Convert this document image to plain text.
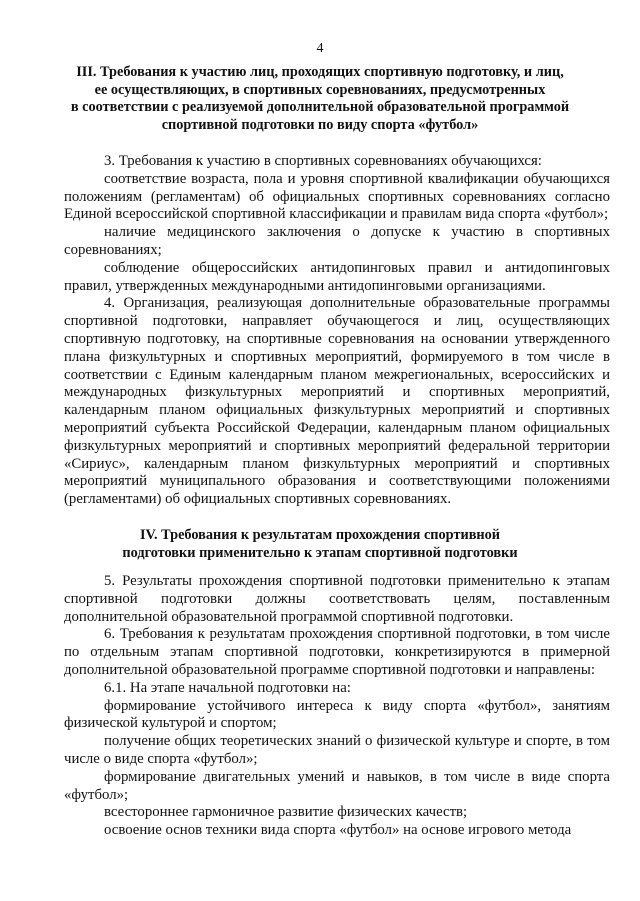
4
III. Требования к участию лиц, проходящих спортивную подготовку, и лиц,
ее осуществляющих, в спортивных соревнованиях, предусмотренных
в соответствии с реализуемой дополнительной образовательной программой
спортивной подготовки по виду спорта «футбол»

3. Требования к участию в спортивных соревнованиях обучающихся:

соответствие возраста, пола и уровня спортивной квалификации обучающихся положениям (регламентам) об официальных спортивных соревнованиях согласно Единой всероссийской спортивной классификации и правилам вида спорта «футбол»;

наличие медицинского заключения о допуске к участию в спортивных соревнованиях;

соблюдение общероссийских антидопинговых правил и антидопинговых правил, утвержденных международными антидопинговыми организациями.

4. Организация, реализующая дополнительные образовательные программы спортивной подготовки, направляет обучающегося и лиц, осуществляющих спортивную подготовку, на спортивные соревнования на основании утвержденного плана физкультурных и спортивных мероприятий, формируемого в том числе в соответствии с Единым календарным планом межрегиональных, всероссийских и международных физкультурных мероприятий и спортивных мероприятий, календарным планом официальных физкультурных мероприятий и спортивных мероприятий субъекта Российской Федерации, календарным планом официальных физкультурных мероприятий и спортивных мероприятий федеральной территории «Сириус», календарным планом физкультурных мероприятий и спортивных мероприятий муниципального образования и соответствующими положениями (регламентами) об официальных спортивных соревнованиях.

5. Результаты прохождения спортивной подготовки применительно к этапам спортивной подготовки должны соответствовать целям, поставленным дополнительной образовательной программой спортивной подготовки.

6. Требования к результатам прохождения спортивной подготовки, в том числе по отдельным этапам спортивной подготовки, конкретизируются в примерной дополнительной образовательной программе спортивной подготовки и направлены:

6.1. На этапе начальной подготовки на:

формирование устойчивого интереса к виду спорта «футбол», занятиям физической культурой и спортом;

получение общих теоретических знаний о физической культуре и спорте, в том числе о виде спорта «футбол»;

формирование двигательных умений и навыков, в том числе в виде спорта «футбол»;

всестороннее гармоничное развитие физических качеств;

освоение основ техники вида спорта «футбол» на основе игрового метода

IV. Требования к результатам прохождения спортивной
подготовки применительно к этапам спортивной подготовки
